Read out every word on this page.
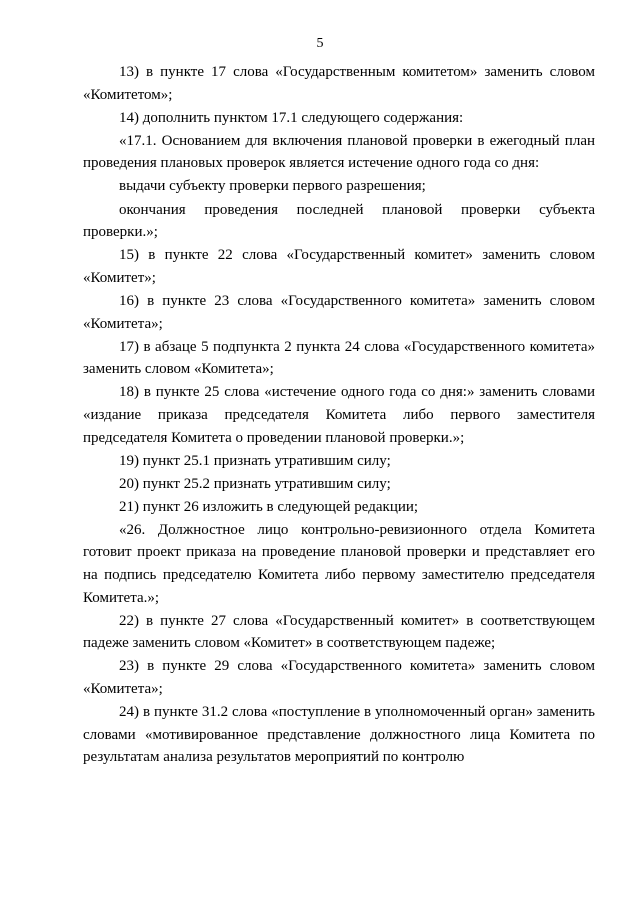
5

13) в пункте 17 слова «Государственным комитетом» заменить словом «Комитетом»;

14) дополнить пунктом 17.1 следующего содержания:

«17.1. Основанием для включения плановой проверки в ежегодный план проведения плановых проверок является истечение одного года со дня:

выдачи субъекту проверки первого разрешения;

окончания проведения последней плановой проверки субъекта проверки.»;

15) в пункте 22 слова «Государственный комитет» заменить словом «Комитет»;

16) в пункте 23 слова «Государственного комитета» заменить словом «Комитета»;

17) в абзаце 5 подпункта 2 пункта 24 слова «Государственного комитета» заменить словом «Комитета»;

18) в пункте 25 слова «истечение одного года со дня:» заменить словами «издание приказа председателя Комитета либо первого заместителя председателя Комитета о проведении плановой проверки.»;

19) пункт 25.1 признать утратившим силу;

20) пункт 25.2 признать утратившим силу;

21) пункт 26 изложить в следующей редакции;

«26. Должностное лицо контрольно-ревизионного отдела Комитета готовит проект приказа на проведение плановой проверки и представляет его на подпись председателю Комитета либо первому заместителю председателя Комитета.»;

22) в пункте 27 слова «Государственный комитет» в соответствующем падеже заменить словом «Комитет» в соответствующем падеже;

23) в пункте 29 слова «Государственного комитета» заменить словом «Комитета»;

24) в пункте 31.2 слова «поступление в уполномоченный орган» заменить словами «мотивированное представление должностного лица Комитета по результатам анализа результатов мероприятий по контролю
